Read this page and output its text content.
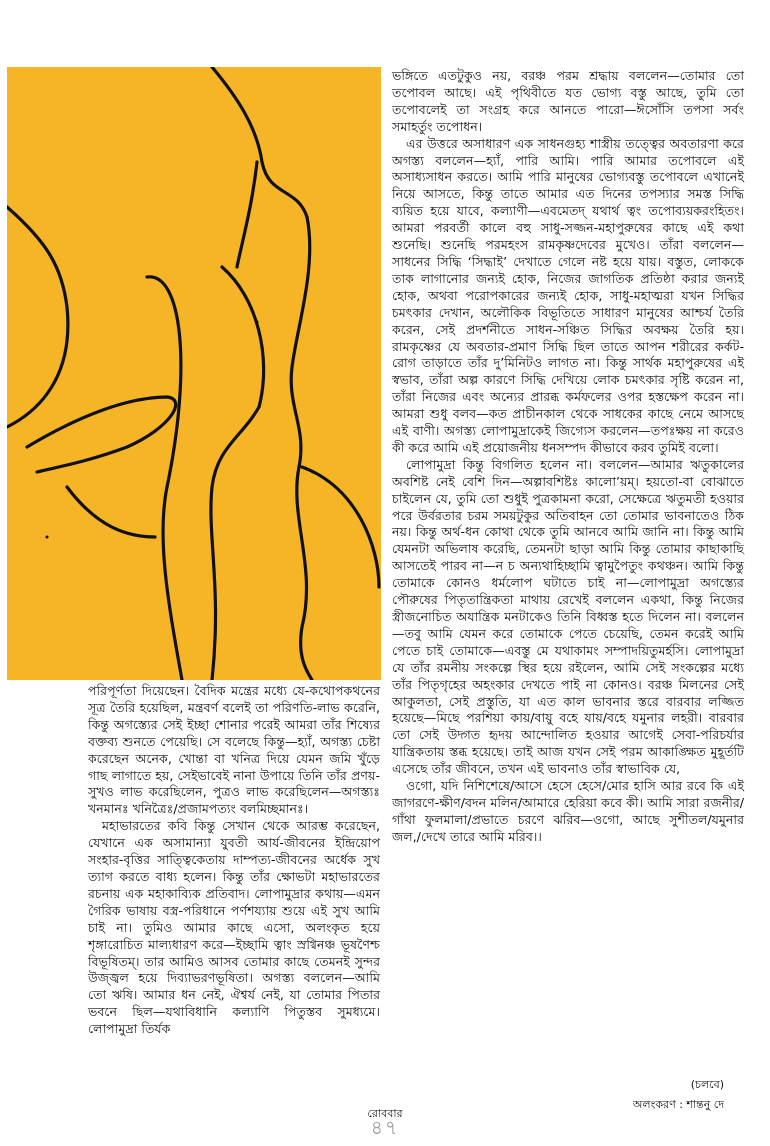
ভঙ্গিতে এতটুকুও নয়, বরঞ্চ পরম শ্রদ্ধায় বললেন—তোমার তো তপোবল আছে। এই পৃথিবীতে যত ভোগ্য বস্তু আছে, তুমি তো তপোবলেই তা সংগ্রহ করে আনতে পারো—ঈসোঁসি তপসা সর্বং সমাহর্তুং তপোধন।

এর উত্তরে অসাধারণ এক সাধনগুহ্য শাস্ত্রীয় তত্ত্বের অবতারণা করে অগস্ত্য বললেন—হ্যাঁ, পারি আমি। পারি আমার তপোবলে এই অসাধ্যসাধন করতে। আমি পারি মানুষের ভোগ্যবস্তু তপোবলে এখানেই নিয়ে আসতে, কিন্তু তাতে আমার এত দিনের তপস্যার সমস্ত সিদ্ধি ব্যয়িত হয়ে যাবে, কল্যাণী—এবমেতদ্‌ যথার্থ ত্বং তপোব্যয়করংহিতং। আমরা পরবর্তী কালে বহু সাধু-সজ্জন-মহাপুরুষের কাছে এই কথা শুনেছি। শুনেছি পরমহংস রামকৃষ্ণদেবের মুখেও। তাঁরা বললেন—সাধনের সিদ্ধি ‘সিদ্ধাই’ দেখাতে গেলে নষ্ট হয়ে যায়। বস্তুত, লোককে তাক লাগানোর জন্যই হোক, নিজের জাগতিক প্রতিষ্ঠা করার জন্যই হোক, অথবা পরোপকারের জন্যই হোক, সাধু-মহাত্মরা যখন সিদ্ধির চমৎকার দেখান, অলৌকিক বিভূতিতে সাধারণ মানুষের আশ্চর্য তৈরি করেন, সেই প্রদর্শনীতে সাধন-সঞ্চিত সিদ্ধির অবক্ষয় তৈরি হয়। রামকৃষ্ণের যে অবতার-প্রমাণ সিদ্ধি ছিল তাতে আপন শরীরের কর্কট-রোগ তাড়াতে তাঁর দু’মিনিটও লাগত না। কিন্তু সার্থক মহাপুরুষের এই স্বভাব, তাঁরা অল্প কারণে সিদ্ধি দেখিয়ে লোক চমৎকার সৃষ্টি করেন না, তাঁরা নিজের এবং অন্যের প্রারব্ধ কর্মফলের ওপর হস্তক্ষেপ করেন না। আমরা শুধু বলব—কত প্রাচীনকাল থেকে সাধকের কাছে নেমে আসছে এই বাণী। অগস্ত্য লোপামুদ্রাকেই জিগ্যেস করলেন—তপঃক্ষয় না করেও কী করে আমি এই প্রয়োজনীয় ধনসম্পদ কীভাবে করব তুমিই বলো।

লোপামুদ্রা কিন্তু বিগলিত হলেন না। বললেন—আমার ঋতুকালের অবশিষ্ট নেই বেশি দিন—অল্পাবশিষ্টঃ কালো’য়ম্‌। হয়তো-বা বোঝাতে চাইলেন যে, তুমি তো শুধুই পুত্রকামনা করো, সেক্ষেত্রে ঋতুমতী হওয়ার পরে উর্বরতার চরম সময়টুকুর অতিবাহন তো তোমার ভাবনাতেও ঠিক নয়। কিন্তু অর্থ-ধন কোথা থেকে তুমি আনবে আমি জানি না। কিন্তু আমি যেমনটা অভিলাষ করেছি, তেমনটা ছাড়া আমি কিন্তু তোমার কাছাকাছি আসতেই পারব না—ন চ অন্যথাহিচ্ছামি ত্বামুপৈতুং কথঞ্চন। আমি কিন্তু তোমাকে কোনও ধর্মলোপ ঘটাতে চাই না—লোপামুদ্রা অগস্ত্যের পৌরুষের পিতৃতান্ত্রিকতা মাথায় রেখেই বললেন একথা, কিন্তু নিজের স্ত্রীজনোচিত অযান্ত্রিক মনটাকেও তিনি বিধ্বস্ত হতে দিলেন না। বললেন—তবু আমি যেমন করে তোমাকে পেতে চেয়েছি, তেমন করেই আমি পেতে চাই তোমাকে—এবস্তু মে যথাকামং সম্পাদয়িতুমর্হসি। লোপামুদ্রা যে তাঁর রমনীয় সংকল্পে স্থির হয়ে রইলেন, আমি সেই সংকল্পের মধ্যে তাঁর পিতৃগৃহের অহংকার দেখতে পাই না কোনও। বরঞ্চ মিলনের সেই আকুলতা, সেই প্রস্তুতি, যা এত কাল ভাবনার স্তরে বারবার লজ্জিত হয়েছে—মিছে পরশিয়া কায়/বায়ু বহে যায়/বহে যমুনার লহরী। বারবার তো সেই উদ্গত হৃদয় আন্দোলিত হওয়ার আগেই সেবা-পরিচর্যার যান্ত্রিকতায় স্তব্ধ হয়েছে। তাই আজ যখন সেই পরম আকাঙ্ক্ষিত মুহূর্তটি এসেছে তাঁর জীবনে, তখন এই ভাবনাও তাঁর স্বাভাবিক যে,

ওগো, যদি নিশিশেষে/আসে হেসে হেসে/মোর হাসি আর রবে কি এই জাগরণে-ক্ষীণ/বদন মলিন/আমারে হেরিয়া কবে কী। আমি সারা রজনীর/গাঁথা ফুলমালা/প্রভাতে চরণে ঝরিব—ওগো, আছে সুশীতল/যমুনার জল,/দেখে তারে আমি মরিব।।

পরিপূর্ণতা দিয়েছেন। বৈদিক মন্ত্রের মধ্যে যে-কথোপকথনের সূত্র তৈরি হয়েছিল, মন্ত্রবর্ণ বলেই তা পরিণতি-লাভ করেনি, কিন্তু অগস্ত্যের সেই ইচ্ছা শোনার পরেই আমরা তাঁর শিষ্যের বক্তব্য শুনতে পেয়েছি। সে বলেছে কিন্তু—হ্যাঁ, অগস্ত্য চেষ্টা করেছেন অনেক, খোন্তা বা খনিত্র দিয়ে যেমন জমি খুঁড়ে গাছ লাগাতে হয়, সেইভাবেই নানা উপায়ে তিনি তাঁর প্রণয়-সুখও লাভ করেছিলেন, পুত্রও লাভ করেছিলেন—অগস্ত্যঃ খনমানঃ খনিত্রৈঃ/প্রজামপত্যং বলমিচ্ছমানঃ।

মহাভারতের কবি কিন্তু সেখান থেকে আরম্ভ করেছেন, যেখানে এক অসামান্যা যুবতী আর্য-জীবনের ইন্দ্রিয়োপ সংহার-বৃত্তির সাত্ত্বিকেতায় দাম্পত্য-জীবনের অর্ধেক সুখ ত্যাগ করতে বাধ্য হলেন। কিন্তু তাঁর ক্ষোভটা মহাভারতের রচনায় এক মহাকাব্যিক প্রতিবাদ। লোপামুদ্রার কথায়—এমন গৈরিক ভাষায় বস্ত্র-পরিধানে পর্ণশয্যায় শুয়ে এই সুখ আমি চাই না। তুমিও আমার কাছে এসো, অলংকৃত হয়ে শৃঙ্গারোচিত মাল্যধারণ করে—ইচ্ছামি ত্বাং স্রগ্বিনঞ্চ ভূষণৈশ্চ বিভূষিতম্‌। তার আমিও আসব তোমার কাছে তেমনই সুন্দর উজ্জ্বল হয়ে দিব্যাভরণভূষিতা। অগস্ত্য বললেন—আমি তো ঋষি। আমার ধন নেই, ঐশ্বর্য নেই, যা তোমার পিতার ভবনে ছিল—যথাবিধানি কল্যাণি পিতুস্তব সুমধ্যমে। লোপামুদ্রা তির্যক

(চলবে)
অলংকরণ : শান্তনু দে
রোববার
৪৭
